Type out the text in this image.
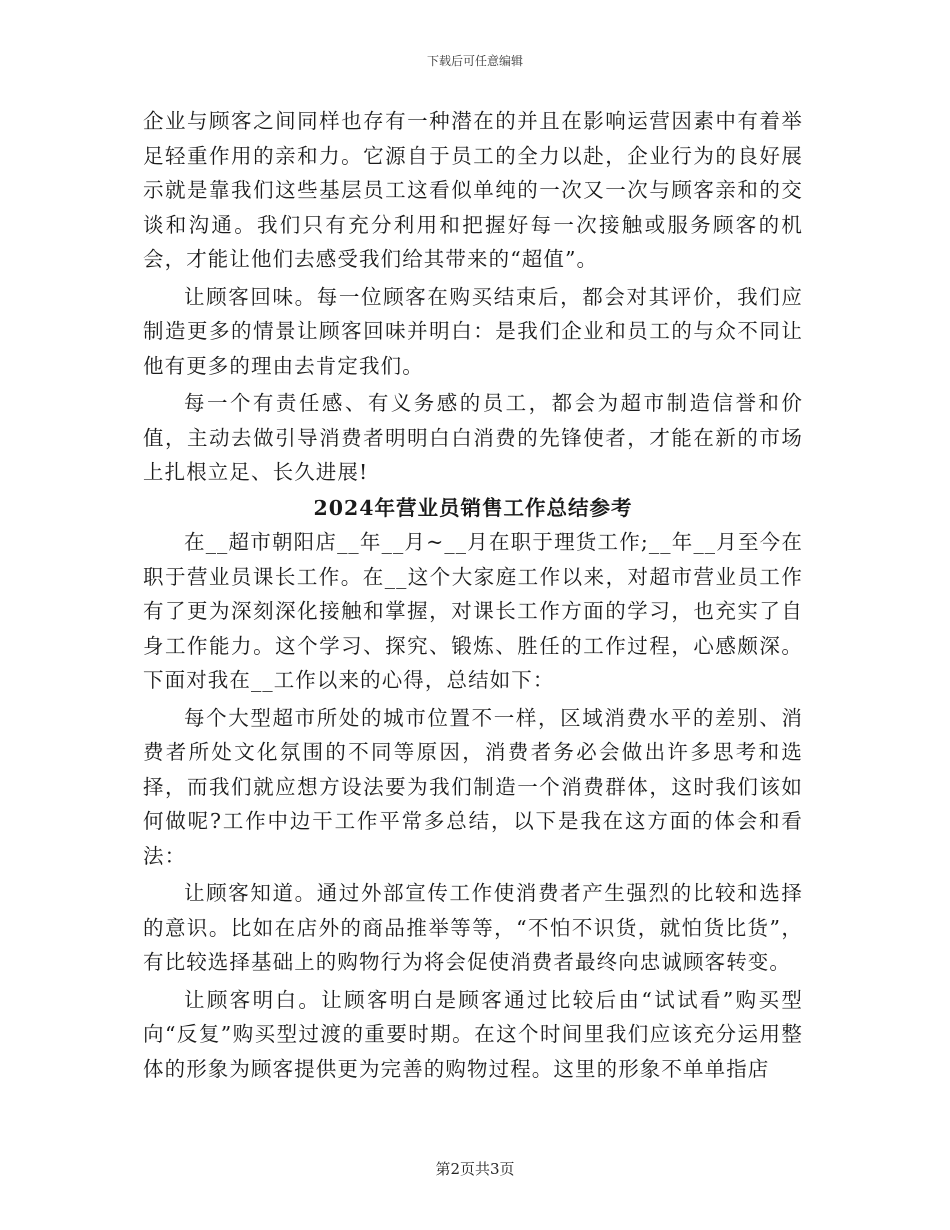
下载后可任意编辑

企业与顾客之间同样也存有一种潜在的并且在影响运营因素中有着举足轻重作用的亲和力。它源自于员工的全力以赴，企业行为的良好展示就是靠我们这些基层员工这看似单纯的一次又一次与顾客亲和的交谈和沟通。我们只有充分利用和把握好每一次接触或服务顾客的机会，才能让他们去感受我们给其带来的“超值”。

让顾客回味。每一位顾客在购买结束后，都会对其评价，我们应制造更多的情景让顾客回味并明白：是我们企业和员工的与众不同让他有更多的理由去肯定我们。

每一个有责任感、有义务感的员工，都会为超市制造信誉和价值，主动去做引导消费者明明白白消费的先锋使者，才能在新的市场上扎根立足、长久进展!

2024年营业员销售工作总结参考

在__超市朝阳店__年__月~__月在职于理货工作;__年__月至今在职于营业员课长工作。在__这个大家庭工作以来，对超市营业员工作有了更为深刻深化接触和掌握，对课长工作方面的学习，也充实了自身工作能力。这个学习、探究、锻炼、胜任的工作过程，心感颇深。下面对我在__工作以来的心得，总结如下：

每个大型超市所处的城市位置不一样，区域消费水平的差别、消费者所处文化氛围的不同等原因，消费者务必会做出许多思考和选择，而我们就应想方设法要为我们制造一个消费群体，这时我们该如何做呢?工作中边干工作平常多总结，以下是我在这方面的体会和看法：

让顾客知道。通过外部宣传工作使消费者产生强烈的比较和选择的意识。比如在店外的商品推举等等，“不怕不识货，就怕货比货”，有比较选择基础上的购物行为将会促使消费者最终向忠诚顾客转变。

让顾客明白。让顾客明白是顾客通过比较后由“试试看”购买型向“反复”购买型过渡的重要时期。在这个时间里我们应该充分运用整体的形象为顾客提供更为完善的购物过程。这里的形象不单单指店

第2页共3页
